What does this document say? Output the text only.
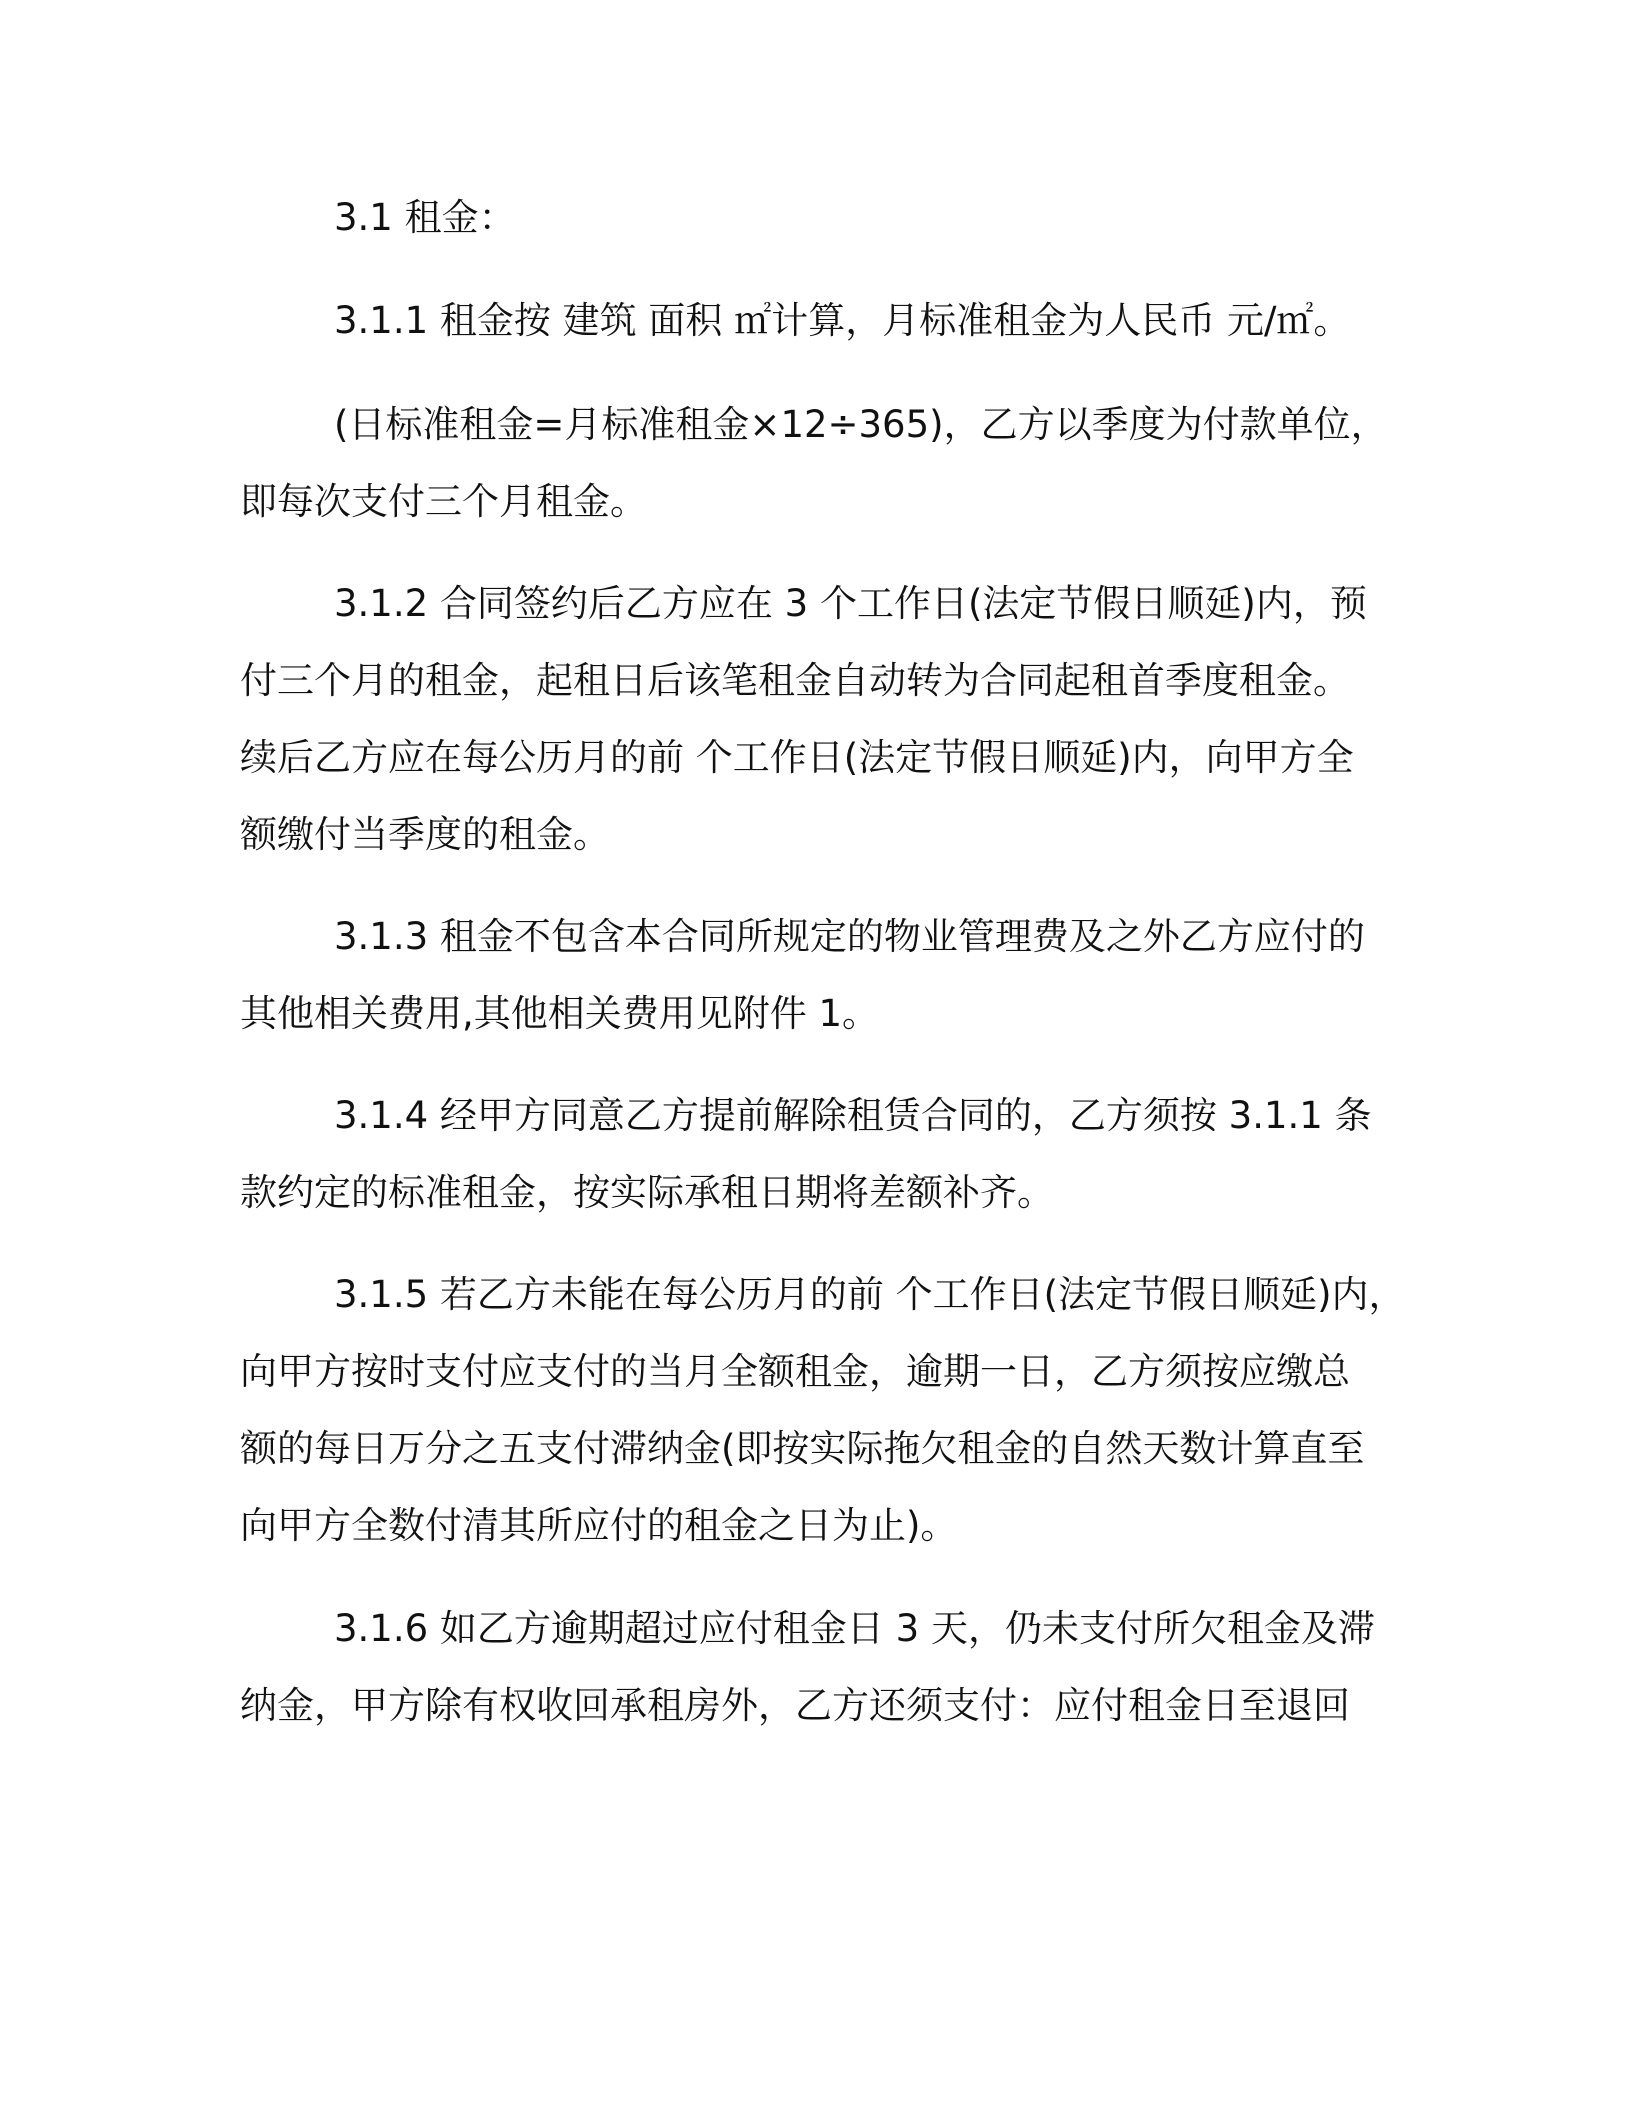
3.1 租金：
3.1.1 租金按 建筑 面积 ㎡计算，月标准租金为人民币 元/㎡。
(日标准租金=月标准租金×12÷365)，乙方以季度为付款单位，
即每次支付三个月租金。
3.1.2 合同签约后乙方应在 3 个工作日(法定节假日顺延)内，预
付三个月的租金，起租日后该笔租金自动转为合同起租首季度租金。
续后乙方应在每公历月的前 个工作日(法定节假日顺延)内，向甲方全
额缴付当季度的租金。
3.1.3 租金不包含本合同所规定的物业管理费及之外乙方应付的
其他相关费用,其他相关费用见附件 1。
3.1.4 经甲方同意乙方提前解除租赁合同的，乙方须按 3.1.1 条
款约定的标准租金，按实际承租日期将差额补齐。
3.1.5 若乙方未能在每公历月的前 个工作日(法定节假日顺延)内，
向甲方按时支付应支付的当月全额租金，逾期一日，乙方须按应缴总
额的每日万分之五支付滞纳金(即按实际拖欠租金的自然天数计算直至
向甲方全数付清其所应付的租金之日为止)。
3.1.6 如乙方逾期超过应付租金日 3 天，仍未支付所欠租金及滞
纳金，甲方除有权收回承租房外，乙方还须支付：应付租金日至退回
